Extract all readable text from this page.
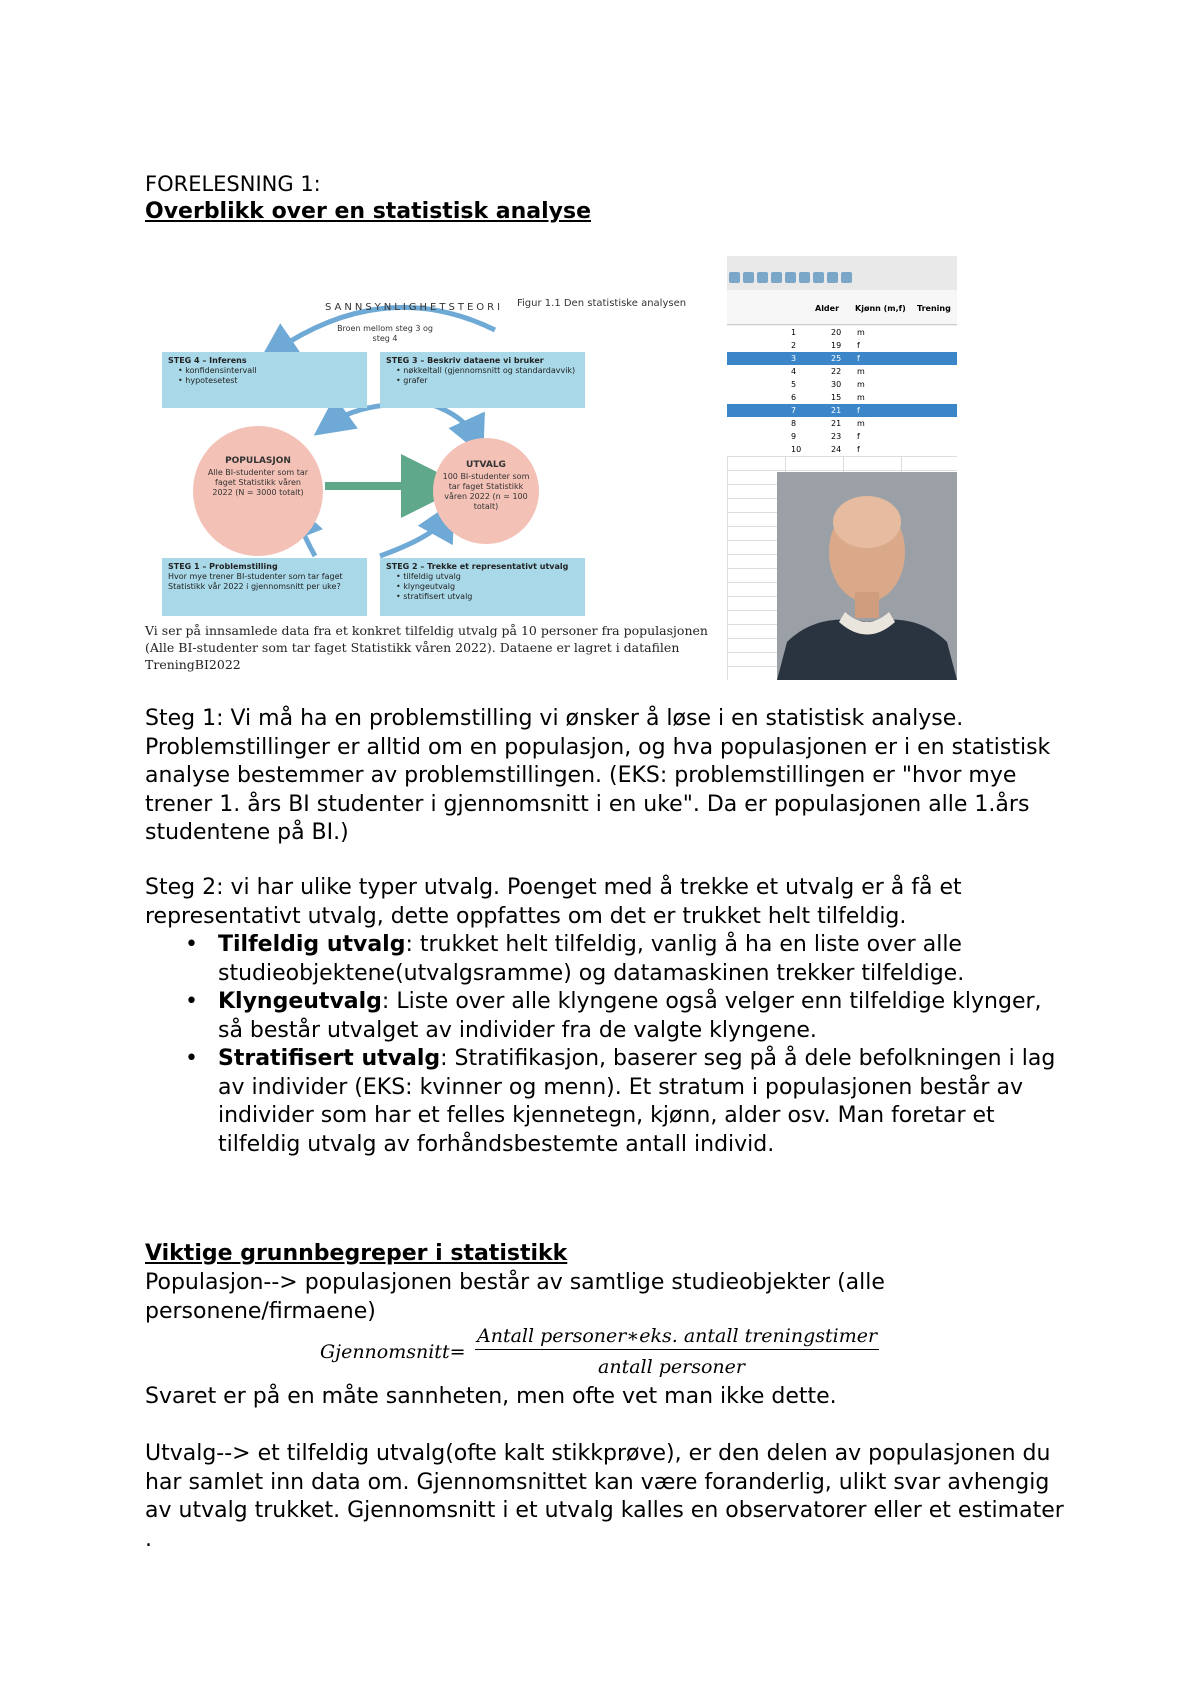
FORELESNING 1:
Overblikk over en statistisk analyse
Figur 1.1 Den statistiske analysen
SANNSYNLIGHETSTEORI
Broen mellom steg 3 og steg 4
STEG 4 – Inferens
• konfidensintervall
• hypotesetest
STEG 3 – Beskriv dataene vi bruker
• nøkkeltall (gjennomsnitt og standardavvik)
• grafer
POPULASJON
Alle BI-studenter som tar faget Statistikk våren 2022 (N = 3000 totalt)
UTVALG
100 BI-studenter som tar faget Statistikk våren 2022 (n = 100 totalt)
STEG 1 – Problemstilling
Hvor mye trener BI-studenter som tar faget Statistikk vår 2022 i gjennomsnitt per uke?
STEG 2 – Trekke et representativt utvalg
• tilfeldig utvalg
• klyngeutvalg
• stratifisert utvalg
Vi ser på innsamlede data fra et konkret tilfeldig utvalg på 10 personer fra populasjonen (Alle BI-studenter som tar faget Statistikk våren 2022). Dataene er lagret i datafilen TreningBI2022
Alder Kjønn (m,f) Trening
1	20 m
2	19 f
3	25 f
4	22 m
5	30 m
6	15 m
7	21 f
8	21 m
9	23 f
10	24 f

Steg 1: Vi må ha en problemstilling vi ønsker å løse i en statistisk analyse. Problemstillinger er alltid om en populasjon, og hva populasjonen er i en statistisk analyse bestemmer av problemstillingen. (EKS: problemstillingen er "hvor mye trener 1. års BI studenter i gjennomsnitt i en uke". Da er populasjonen alle 1.års studentene på BI.)

Steg 2: vi har ulike typer utvalg. Poenget med å trekke et utvalg er å få et representativt utvalg, dette oppfattes om det er trukket helt tilfeldig.

• Tilfeldig utvalg: trukket helt tilfeldig, vanlig å ha en liste over alle studieobjektene(utvalgsramme) og datamaskinen trekker tilfeldige.
• Klyngeutvalg: Liste over alle klyngene også velger enn tilfeldige klynger, så består utvalget av individer fra de valgte klyngene.
• Stratifisert utvalg: Stratifikasjon, baserer seg på å dele befolkningen i lag av individer (EKS: kvinner og menn). Et stratum i populasjonen består av individer som har et felles kjennetegn, kjønn, alder osv. Man foretar et tilfeldig utvalg av forhåndsbestemte antall individ.
Viktige grunnbegreper i statistikk

Populasjon--> populasjonen består av samtlige studieobjekter (alle personene/firmaene)

Gjennomsnitt=
Antall personer∗eks. antall treningstimer
antall personer

Svaret er på en måte sannheten, men ofte vet man ikke dette.

Utvalg--> et tilfeldig utvalg(ofte kalt stikkprøve), er den delen av populasjonen du har samlet inn data om. Gjennomsnittet kan være foranderlig, ulikt svar avhengig av utvalg trukket. Gjennomsnitt i et utvalg kalles en observatorer eller et estimater .
